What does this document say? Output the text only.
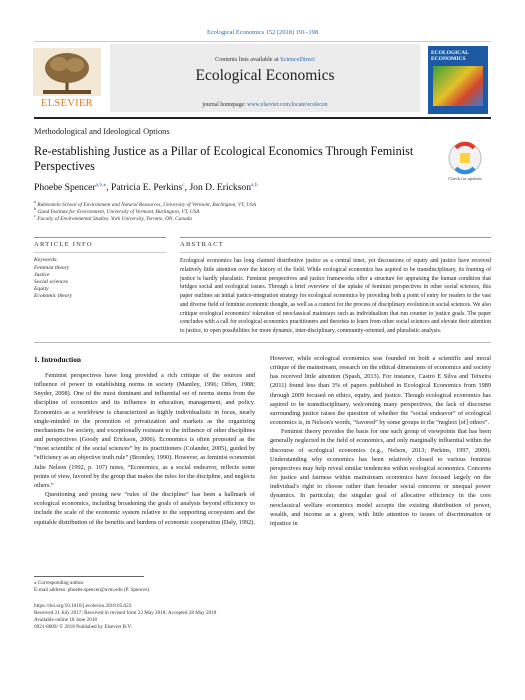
Ecological Economics 152 (2018) 191–198
ELSEVIER
Contents lists available at ScienceDirect
Ecological Economics
journal homepage: www.elsevier.com/locate/ecolecon
ECOLOGICAL ECONOMICS
Methodological and Ideological Options
Re-establishing Justice as a Pillar of Ecological Economics Through Feminist Perspectives
Check for updates
Phoebe Spencer$^{a,b,⁎}$, Patricia E. Perkins$^c$, Jon D. Erickson$^{a,b}$
$^a$ Rubenstein School of Environment and Natural Resources, University of Vermont, Burlington, VT, USA
$^b$ Gund Institute for Environment, University of Vermont, Burlington, VT, USA
$^c$ Faculty of Environmental Studies, York University, Toronto, ON, Canada
ARTICLE INFO	ABSTRACT
Keywords:
Feminist theory
Justice
Social sciences
Equity
Economic theory
Ecological economics has long claimed distributive justice as a central tenet, yet discussions of equity and justice have received relatively little attention over the history of the field. While ecological economics has aspired to be transdisciplinary, its framing of justice is hardly pluralistic. Feminist perspectives and justice frameworks offer a structure for appraising the human condition that bridges social and ecological issues. Through a brief overview of the uptake of feminist perspectives in other social sciences, this paper outlines an initial justice-integration strategy for ecological economics by providing both a point of entry for readers to the vast and diverse field of feminist economic thought, as well as a context for the process of disciplinary evolution in social sciences. We also critique ecological economics' toleration of neoclassical mainstays such as individualism that run counter to justice goals. The paper concludes with a call for ecological economics practitioners and theorists to learn from other social sciences and elevate their attention to justice, to open possibilities for more dynamic, inter-disciplinary, community-oriented, and pluralistic analysis.
1. Introduction

Feminist perspectives have long provided a rich critique of the sources and influence of power in establishing norms in society (Mantley, 1996; Offen, 1988; Snyder, 2008). One of the most dominant and influential set of norms stems from the discipline of economics and its influence in education, management, and policy. Economics as a worldview is characterized as highly individualistic in focus, nearly single-minded in the promotion of privatization and markets as the organizing mechanisms for society, and exceptionally resistant to the influence of other disciplines and perspectives (Goody and Erickson, 2006). Economics is often promoted as the “most scientific of the social sciences” by its practitioners (Colander, 2005), guided by “efficiency as an objective truth rule” (Bromley, 1990). However, as feminist economist Julie Nelson (1992, p. 107) notes, “Economics, as a social endeavor, reflects some points of view, favored by the group that makes the rules for the discipline, and neglects others.”

Questioning and posing new “rules of the discipline” has been a hallmark of ecological economics, including broadening the goals of analysis beyond efficiency to include the scale of the economic system relative to the supporting ecosystem and the equitable distribution of the benefits and burdens of economic cooperation (Daly, 1992).

However, while ecological economics was founded on both a scientific and moral critique of the mainstream, research on the ethical dimensions of economics and society has received little attention (Spash, 2013). For instance, Castro E Silva and Teixeira (2011) found less than 3% of papers published in Ecological Economics from 1989 through 2009 focused on ethics, equity, and justice. Though ecological economics has aspired to be transdisciplinary, welcoming many perspectives, the lack of discourse surrounding justice raises the question of whether the “social endeavor” of ecological economics is, in Nelson's words, “favored” by some groups to the “neglect [of] others”.

Feminist theory provides the basis for one such group of viewpoints that has been generally neglected in the field of economics, and only marginally influential within the discourse of ecological economics (e.g., Nelson, 2013; Perkins, 1997, 2009). Understanding why economics has been relatively closed to various feminist perspectives may help reveal similar tendencies within ecological economics. Concerns for justice and fairness within mainstream economics have focused largely on the individual's right to choose rather than broader social concerns or unequal power dynamics. In particular, the singular goal of allocative efficiency in the core neoclassical welfare economics model accepts the existing distribution of power, wealth, and income as a given, with little attention to issues of discrimination or injustice in

⁎ Corresponding author.
E-mail address: phoebe.spencer@uvm.edu (P. Spencer).
https://doi.org/10.1016/j.ecolecon.2018.05.022
Received 21 July 2017; Received in revised form 23 May 2018; Accepted 28 May 2018
Available online 18 June 2018
0921-8009/ © 2018 Published by Elsevier B.V.
